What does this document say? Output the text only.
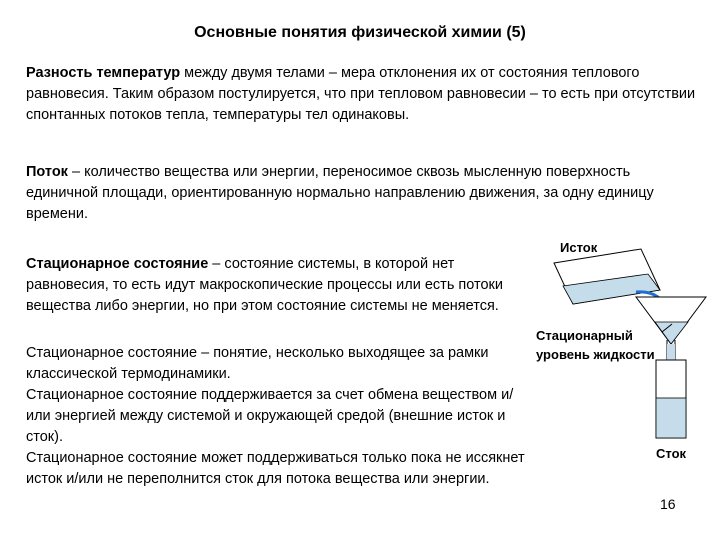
Основные понятия физической химии (5)
Разность температур между двумя телами – мера отклонения их от состояния теплового равновесия. Таким образом постулируется, что при тепловом равновесии – то есть при отсутствии спонтанных потоков тепла, температуры тел одинаковы.
Поток – количество вещества или энергии, переносимое сквозь мысленную поверхность единичной площади, ориентированную нормально направлению движения, за одну единицу времени.
Стационарное состояние – состояние системы, в которой нет равновесия, то есть идут макроскопические процессы или есть потоки вещества либо энергии, но при этом состояние системы не меняется.
Стационарное состояние – понятие, несколько выходящее за рамки классической термодинамики.
Стационарное состояние поддерживается за счет обмена веществом и/или энергией между системой и окружающей средой (внешние исток и сток).
Стационарное состояние может поддерживаться только пока не иссякнет исток и/или не переполнится сток для потока вещества или энергии.
Исток
Стационарный уровень жидкости
Сток
16
